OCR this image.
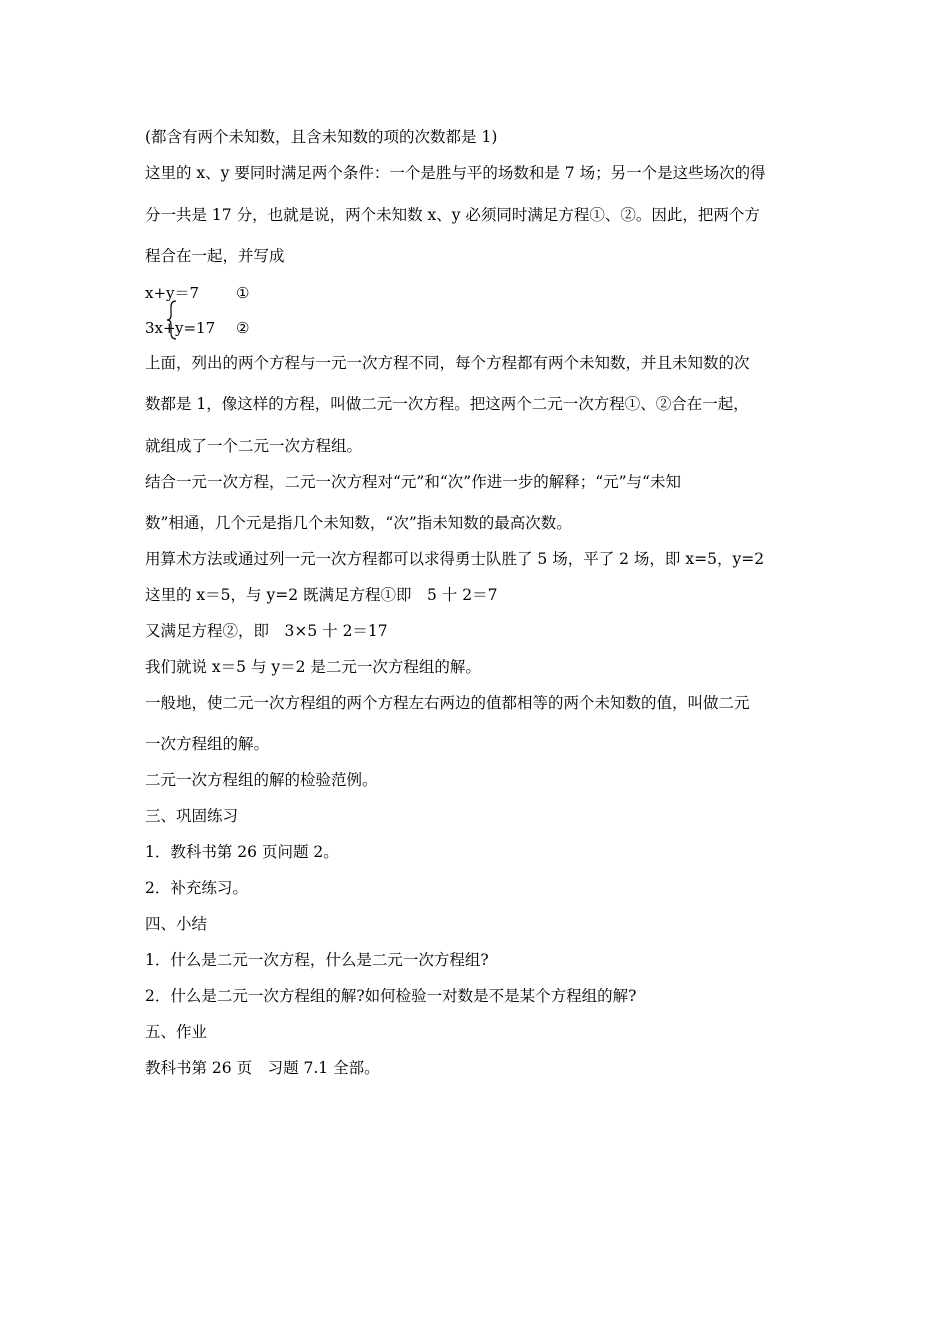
(都含有两个未知数，且含未知数的项的次数都是 1)
这里的 x、y 要同时满足两个条件：一个是胜与平的场数和是 7 场；另一个是这些场次的得
分一共是 17 分，也就是说，两个未知数 x、y 必须同时满足方程①、②。因此，把两个方
程合在一起，并写成
x+y＝7 ①
3x+ y=17 ②
上面，列出的两个方程与一元一次方程不同，每个方程都有两个未知数，并且未知数的次
数都是 1，像这样的方程，叫做二元一次方程。把这两个二元一次方程①、②合在一起，
就组成了一个二元一次方程组。
结合一元一次方程，二元一次方程对“元”和“次”作进一步的解释；“元”与“未知
数”相通，几个元是指几个未知数，“次”指未知数的最高次数。
用算术方法或通过列一元一次方程都可以求得勇士队胜了 5 场，平了 2 场，即 x=5，y=2
这里的 x＝5，与 y=2 既满足方程①即　5 十 2＝7
又满足方程②，即　3×5 十 2＝17
我们就说 x＝5 与 y＝2 是二元一次方程组的解。
一般地，使二元一次方程组的两个方程左右两边的值都相等的两个未知数的值，叫做二元
一次方程组的解。
二元一次方程组的解的检验范例。
三、巩固练习
1．教科书第 26 页问题 2。
2．补充练习。
四、小结
1．什么是二元一次方程，什么是二元一次方程组?
2．什么是二元一次方程组的解?如何检验一对数是不是某个方程组的解?
五、作业
教科书第 26 页　习题 7.1 全部。
